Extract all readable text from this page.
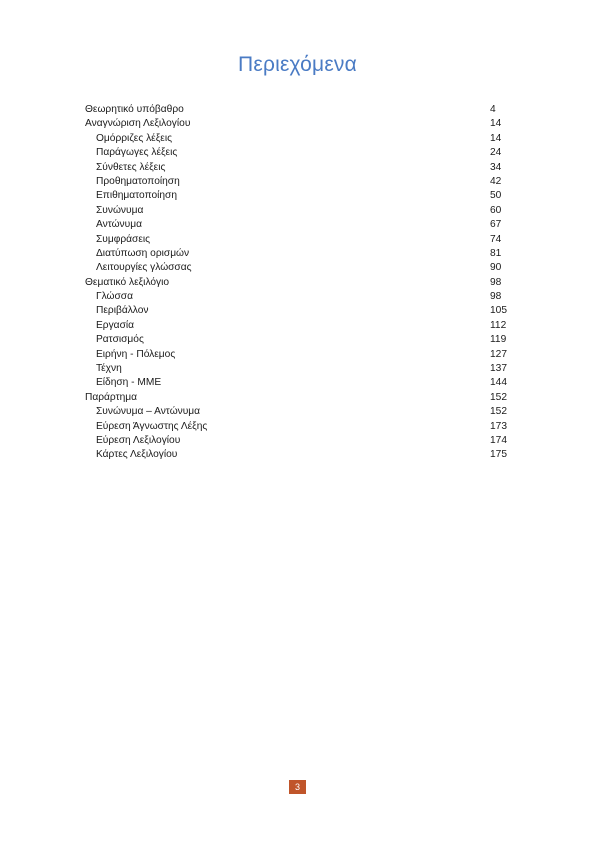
Περιεχόμενα
Θεωρητικό υπόβαθρο	4
Αναγνώριση Λεξιλογίου	14
Ομόρριζες λέξεις	14
Παράγωγες λέξεις	24
Σύνθετες λέξεις	34
Προθηματοποίηση	42
Επιθηματοποίηση	50
Συνώνυμα	60
Αντώνυμα	67
Συμφράσεις	74
Διατύπωση ορισμών	81
Λειτουργίες γλώσσας	90
Θεματικό λεξιλόγιο	98
Γλώσσα	98
Περιβάλλον	105
Εργασία	112
Ρατσισμός	119
Ειρήνη - Πόλεμος	127
Τέχνη	137
Είδηση - ΜΜΕ	144
Παράρτημα	152
Συνώνυμα – Αντώνυμα	152
Εύρεση Άγνωστης Λέξης	173
Εύρεση Λεξιλογίου	174
Κάρτες Λεξιλογίου	175
3
